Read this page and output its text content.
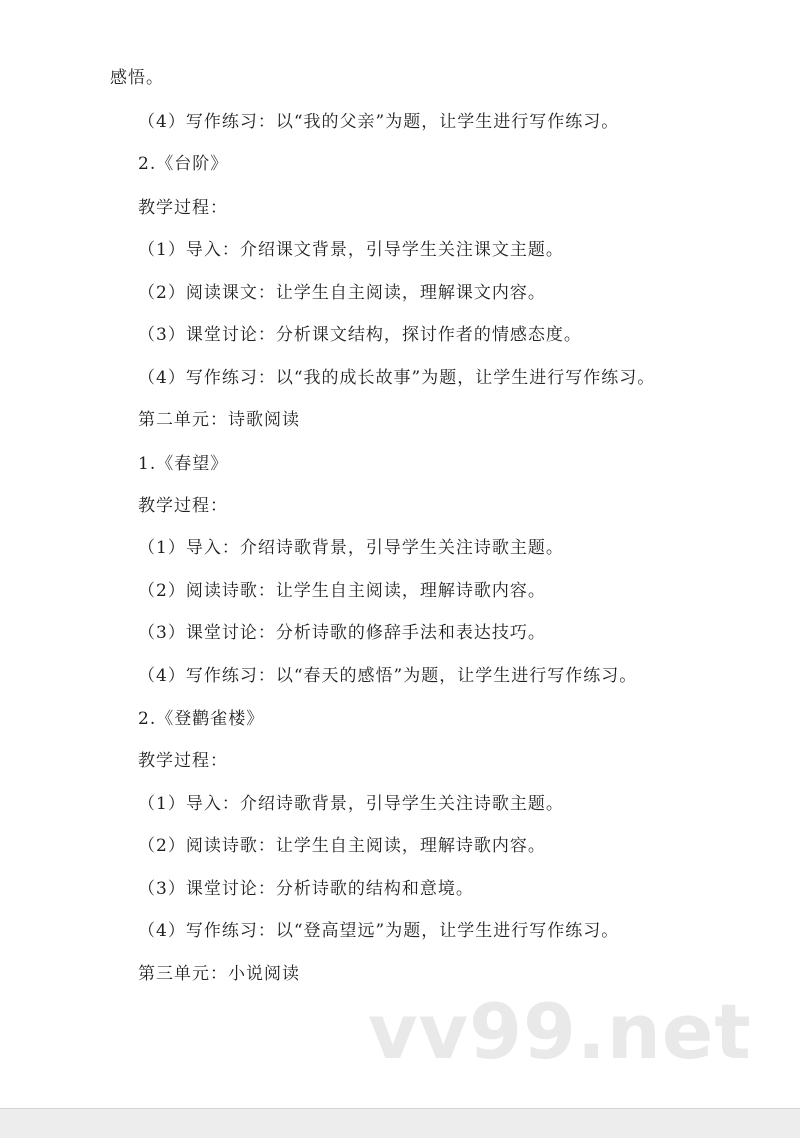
感悟。
（4）写作练习：以“我的父亲”为题，让学生进行写作练习。
2.《台阶》
教学过程：
（1）导入：介绍课文背景，引导学生关注课文主题。
（2）阅读课文：让学生自主阅读，理解课文内容。
（3）课堂讨论：分析课文结构，探讨作者的情感态度。
（4）写作练习：以“我的成长故事”为题，让学生进行写作练习。
第二单元：诗歌阅读
1.《春望》
教学过程：
（1）导入：介绍诗歌背景，引导学生关注诗歌主题。
（2）阅读诗歌：让学生自主阅读，理解诗歌内容。
（3）课堂讨论：分析诗歌的修辞手法和表达技巧。
（4）写作练习：以“春天的感悟”为题，让学生进行写作练习。
2.《登鹳雀楼》
教学过程：
（1）导入：介绍诗歌背景，引导学生关注诗歌主题。
（2）阅读诗歌：让学生自主阅读，理解诗歌内容。
（3）课堂讨论：分析诗歌的结构和意境。
（4）写作练习：以“登高望远”为题，让学生进行写作练习。
第三单元：小说阅读
vv99.net
